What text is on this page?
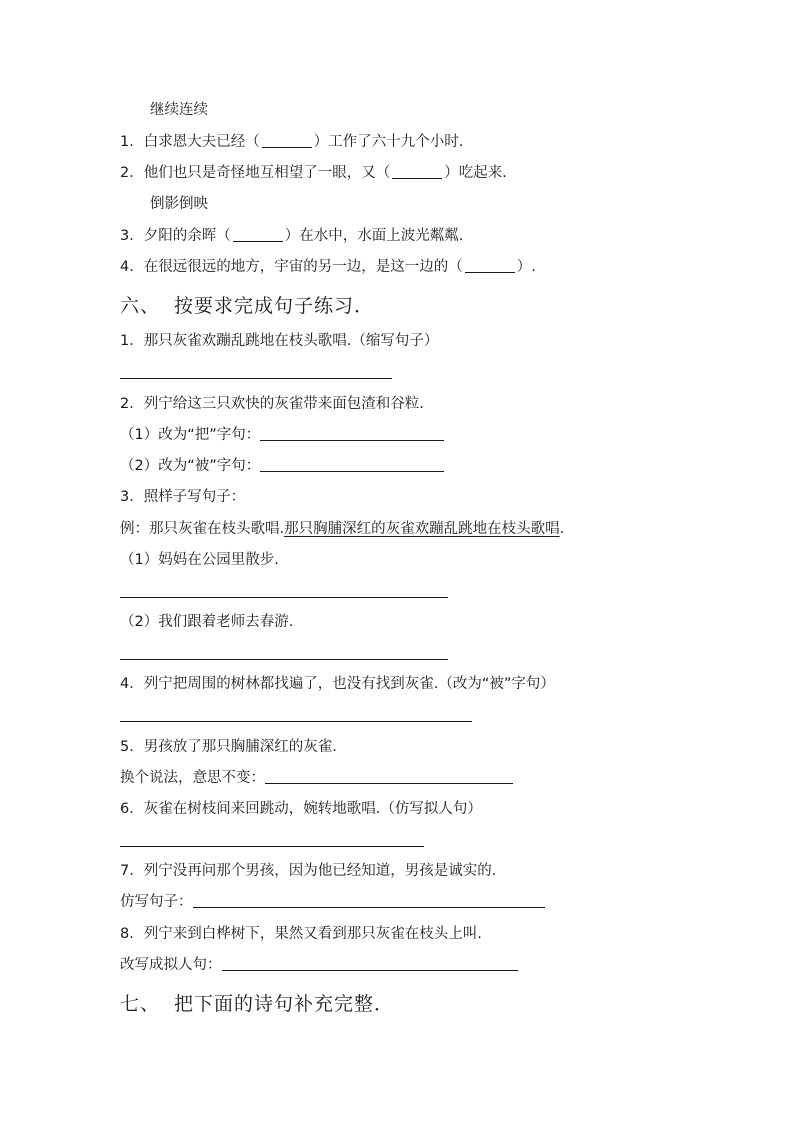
继续连续
1．白求恩大夫已经（	）工作了六十九个小时.
2．他们也只是奇怪地互相望了一眼，又（	）吃起来.
倒影倒映
3．夕阳的余晖（	）在水中，水面上波光粼粼.
4．在很远很远的地方，宇宙的另一边，是这一边的（	）.
六、 按要求完成句子练习．
1．那只灰雀欢蹦乱跳地在枝头歌唱.（缩写句子）
2．列宁给这三只欢快的灰雀带来面包渣和谷粒.
（1）改为“把”字句：
（2）改为“被”字句：
3．照样子写句子：
例：那只灰雀在枝头歌唱.那只胸脯深红的灰雀欢蹦乱跳地在枝头歌唱.
（1）妈妈在公园里散步.
（2）我们跟着老师去春游.
4．列宁把周围的树林都找遍了，也没有找到灰雀.（改为“被”字句）
5．男孩放了那只胸脯深红的灰雀.
换个说法，意思不变：
6．灰雀在树枝间来回跳动，婉转地歌唱.（仿写拟人句）
7．列宁没再问那个男孩，因为他已经知道，男孩是诚实的.
仿写句子：
8．列宁来到白桦树下，果然又看到那只灰雀在枝头上叫.
改写成拟人句：
七、 把下面的诗句补充完整．
